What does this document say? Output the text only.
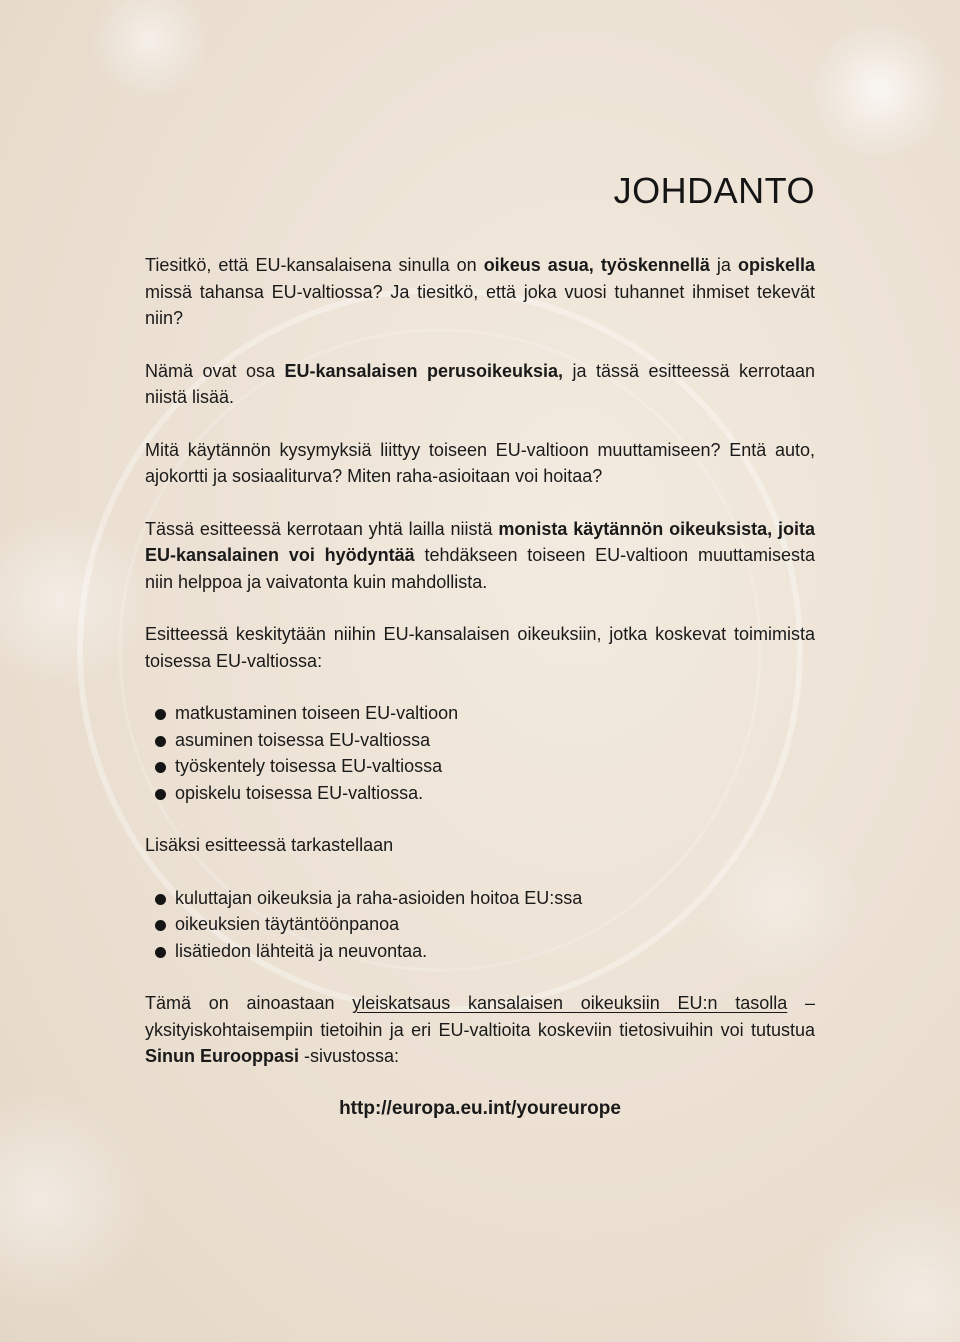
JOHDANTO

Tiesitkö, että EU-kansalaisena sinulla on oikeus asua, työskennellä ja opiskella missä tahansa EU-valtiossa? Ja tiesitkö, että joka vuosi tuhannet ihmiset tekevät niin?

Nämä ovat osa EU-kansalaisen perusoikeuksia, ja tässä esitteessä kerrotaan niistä lisää.

Mitä käytännön kysymyksiä liittyy toiseen EU-valtioon muuttamiseen? Entä auto, ajokortti ja sosiaaliturva? Miten raha-asioitaan voi hoitaa?

Tässä esitteessä kerrotaan yhtä lailla niistä monista käytännön oikeuksista, joita EU-kansalainen voi hyödyntää tehdäkseen toiseen EU-valtioon muuttamisesta niin helppoa ja vaivatonta kuin mahdollista.

Esitteessä keskitytään niihin EU-kansalaisen oikeuksiin, jotka koskevat toimimista toisessa EU-valtiossa:

matkustaminen toiseen EU-valtioon
asuminen toisessa EU-valtiossa
työskentely toisessa EU-valtiossa
opiskelu toisessa EU-valtiossa.

Lisäksi esitteessä tarkastellaan

kuluttajan oikeuksia ja raha-asioiden hoitoa EU:ssa
oikeuksien täytäntöönpanoa
lisätiedon lähteitä ja neuvontaa.

Tämä on ainoastaan yleiskatsaus kansalaisen oikeuksiin EU:n tasolla – yksityiskohtaisempiin tietoihin ja eri EU-valtioita koskeviin tietosivuihin voi tutustua Sinun Eurooppasi -sivustossa:

http://europa.eu.int/youreurope
